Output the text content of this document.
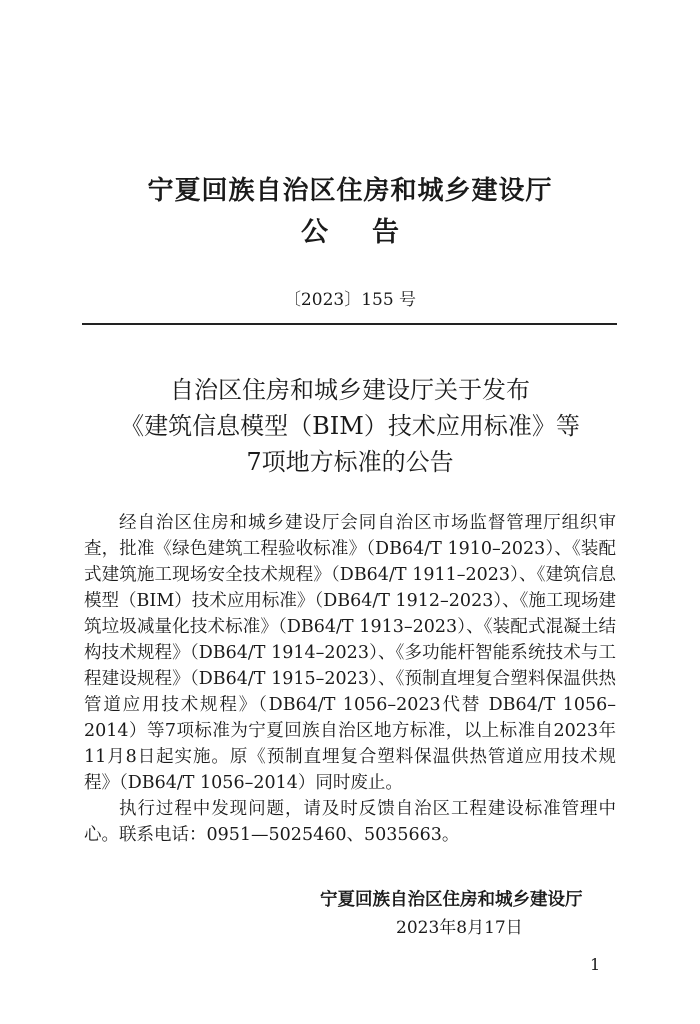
宁夏回族自治区住房和城乡建设厅
公告
〔2023〕155 号
自治区住房和城乡建设厅关于发布
《建筑信息模型（BIM）技术应用标准》等
7项地方标准的公告

经自治区住房和城乡建设厅会同自治区市场监督管理厅组织审查，批准《绿色建筑工程验收标准》（DB64/T 1910–2023）、《装配式建筑施工现场安全技术规程》（DB64/T 1911–2023）、《建筑信息模型（BIM）技术应用标准》（DB64/T 1912–2023）、《施工现场建筑垃圾减量化技术标准》（DB64/T 1913–2023）、《装配式混凝土结构技术规程》（DB64/T 1914–2023）、《多功能杆智能系统技术与工程建设规程》（DB64/T 1915–2023）、《预制直埋复合塑料保温供热管道应用技术规程》（DB64/T 1056–2023代替 DB64/T 1056–2014）等7项标准为宁夏回族自治区地方标准，以上标准自2023年11月8日起实施。原《预制直埋复合塑料保温供热管道应用技术规程》（DB64/T 1056–2014）同时废止。

执行过程中发现问题，请及时反馈自治区工程建设标准管理中心。联系电话：0951—5025460、5035663。

宁夏回族自治区住房和城乡建设厅
2023年8月17日
1
